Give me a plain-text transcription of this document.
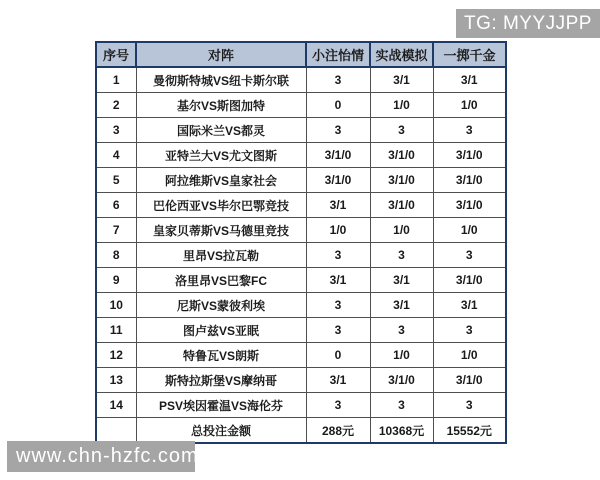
TG: MYYJJPP
序号	对阵	小注怡情	实战模拟	一掷千金
1	曼彻斯特城VS纽卡斯尔联	3	3/1	3/1
2	基尔VS斯图加特	0	1/0	1/0
3	国际米兰VS都灵	3	3	3
4	亚特兰大VS尤文图斯	3/1/0	3/1/0	3/1/0
5	阿拉维斯VS皇家社会	3/1/0	3/1/0	3/1/0
6	巴伦西亚VS毕尔巴鄂竞技	3/1	3/1/0	3/1/0
7	皇家贝蒂斯VS马德里竞技	1/0	1/0	1/0
8	里昂VS拉瓦勒	3	3	3
9	洛里昂VS巴黎FC	3/1	3/1	3/1/0
10	尼斯VS蒙彼利埃	3	3/1	3/1
11	图卢兹VS亚眠	3	3	3
12	特鲁瓦VS朗斯	0	1/0	1/0
13	斯特拉斯堡VS摩纳哥	3/1	3/1/0	3/1/0
14	PSV埃因霍温VS海伦芬	3	3	3
	总投注金额	288元	10368元	15552元
www.chn-hzfc.com
